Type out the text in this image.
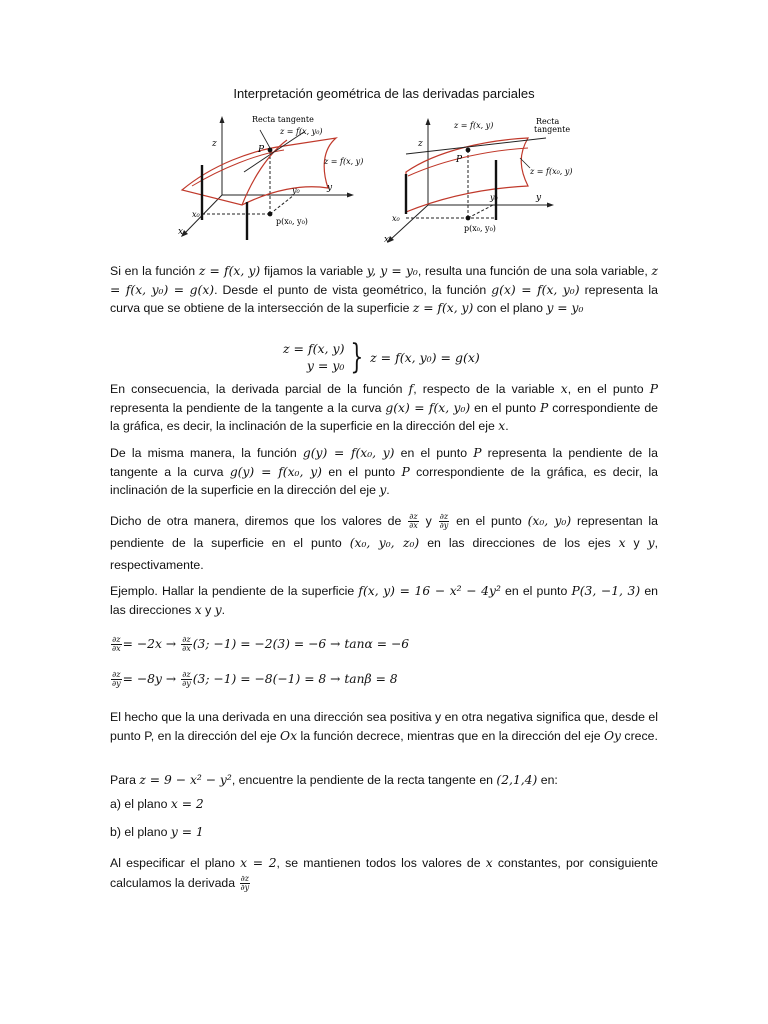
Interpretación geométrica de las derivadas parciales
Recta tangente
z = f(x, y₀)
z = f(x, y)
z
y
x
y₀
x₀
P
p(x₀, y₀)
z = f(x, y)	Recta
tangente
z = f(x₀, y)
z
y
x
y₀
x₀
P
p(x₀, y₀)

Si en la función z = f(x, y) fijamos la variable y, y = y₀, resulta una función de una sola variable, z = f(x, y₀) = g(x). Desde el punto de vista geométrico, la función g(x) = f(x, y₀) representa la curva que se obtiene de la intersección de la superficie z = f(x, y) con el plano y = y₀

z = f(x, y)
y = y₀ } z = f(x, y₀) = g(x)

En consecuencia, la derivada parcial de la función f, respecto de la variable x, en el punto P representa la pendiente de la tangente a la curva g(x) = f(x, y₀) en el punto P correspondiente de la gráfica, es decir, la inclinación de la superficie en la dirección del eje x.

De la misma manera, la función g(y) = f(x₀, y) en el punto P representa la pendiente de la tangente a la curva g(y) = f(x₀, y) en el punto P correspondiente de la gráfica, es decir, la inclinación de la superficie en la dirección del eje y.

Dicho de otra manera, diremos que los valores de $\frac{\partial z}{\partial x}$ y $\frac{\partial z}{\partial y}$ en el punto (x₀, y₀) representan la pendiente de la superficie en el punto (x₀, y₀, z₀) en las direcciones de los ejes x y y, respectivamente.

Ejemplo. Hallar la pendiente de la superficie f(x, y) = 16 − x² − 4y² en el punto P(3, −1, 3) en las direcciones x y y.

$\frac{\partial z}{\partial x} = -2x \to \frac{\partial z}{\partial x} (3$; −1) = −2(3) = −6 → tanα = −6
$\frac{\partial z}{\partial y} = -8y \to \frac{\partial z}{\partial y} (3$; −1) = −8(−1) = 8 → tanβ = 8

El hecho que la una derivada en una dirección sea positiva y en otra negativa significa que, desde el punto P, en la dirección del eje Ox la función decrece, mientras que en la dirección del eje Oy crece.

Para z = 9 − x² − y², encuentre la pendiente de la recta tangente en (2,1,4) en:

a) el plano x = 2
b) el plano y = 1

Al especificar el plano x = 2, se mantienen todos los valores de x constantes, por consiguiente calculamos la derivada $\frac{\partial z}{\partial y}$
